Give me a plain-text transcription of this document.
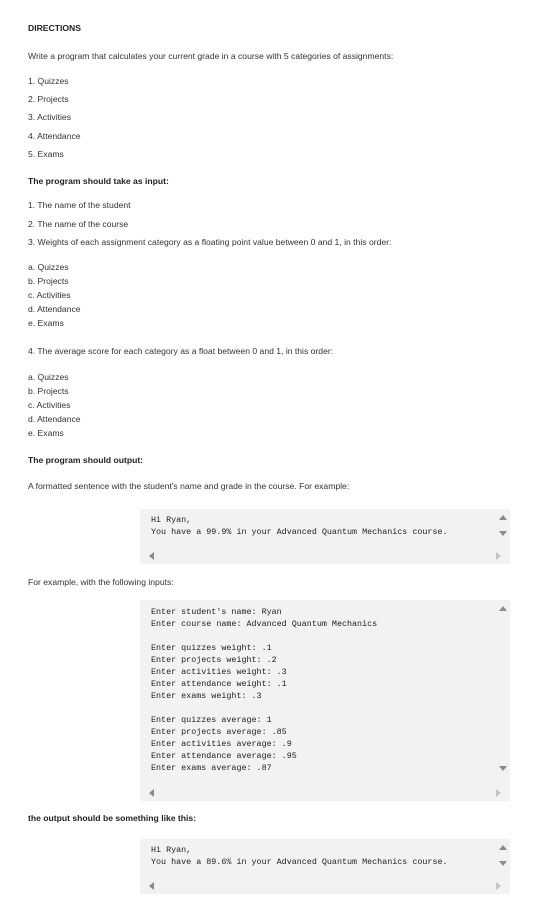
DIRECTIONS
Write a program that calculates your current grade in a course with 5 categories of assignments:
1. Quizzes
2. Projects
3. Activities
4. Attendance
5. Exams
The program should take as input:
1. The name of the student
2. The name of the course
3. Weights of each assignment category as a floating point value between 0 and 1, in this order:
a. Quizzes
b. Projects
c. Activities
d. Attendance
e. Exams
4. The average score for each category as a float between 0 and 1, in this order:
a. Quizzes
b. Projects
c. Activities
d. Attendance
e. Exams
The program should output:
A formatted sentence with the student's name and grade in the course. For example:
Hi Ryan,
You have a 99.9% in your Advanced Quantum Mechanics course.
For example, with the following inputs:
Enter student's name: Ryan
Enter course name: Advanced Quantum Mechanics

Enter quizzes weight: .1
Enter projects weight: .2
Enter activities weight: .3
Enter attendance weight: .1
Enter exams weight: .3

Enter quizzes average: 1
Enter projects average: .85
Enter activities average: .9
Enter attendance average: .95
Enter exams average: .87
the output should be something like this:
Hi Ryan,
You have a 89.6% in your Advanced Quantum Mechanics course.
